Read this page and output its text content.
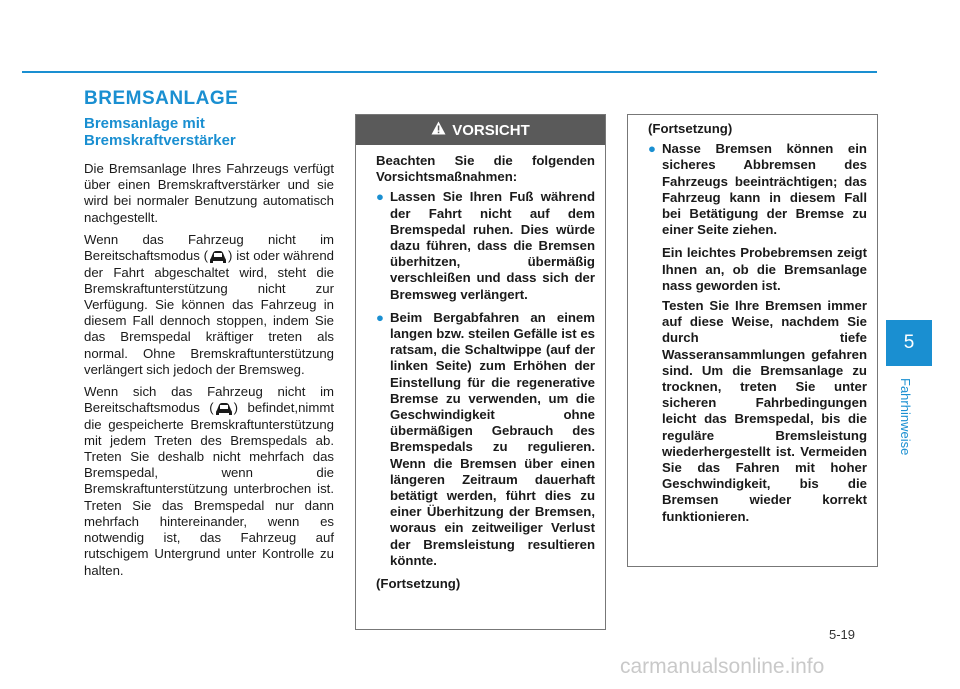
BREMSANLAGE
Bremsanlage mit
Bremskraftverstärker

Die Bremsanlage Ihres Fahrzeugs verfügt über einen Bremskraftverstärker und sie wird bei normaler Benutzung automatisch nachgestellt.

Wenn das Fahrzeug nicht im Bereitschaftsmodus ( ) ist oder während der Fahrt abgeschaltet wird, steht die Bremskraftunterstützung nicht zur Verfügung. Sie können das Fahrzeug in diesem Fall dennoch stoppen, indem Sie das Bremspedal kräftiger treten als normal. Ohne Bremskraftunterstützung verlängert sich jedoch der Bremsweg.

Wenn sich das Fahrzeug nicht im Bereitschaftsmodus ( ) befindet,nimmt die gespeicherte Bremskraftunterstützung mit jedem Treten des Bremspedals ab. Treten Sie deshalb nicht mehrfach das Bremspedal, wenn die Bremskraftunterstützung unterbrochen ist. Treten Sie das Bremspedal nur dann mehrfach hintereinander, wenn es notwendig ist, das Fahrzeug auf rutschigem Untergrund unter Kontrolle zu halten.

VORSICHT

Beachten Sie die folgenden Vorsichtsmaßnahmen:

● Lassen Sie Ihren Fuß während der Fahrt nicht auf dem Bremspedal ruhen. Dies würde dazu führen, dass die Bremsen überhitzen, übermäßig verschleißen und dass sich der Bremsweg verlängert.
● Beim Bergabfahren an einem langen bzw. steilen Gefälle ist es ratsam, die Schaltwippe (auf der linken Seite) zum Erhöhen der Einstellung für die regenerative Bremse zu verwenden, um die Geschwindigkeit ohne übermäßigen Gebrauch des Bremspedals zu regulieren. Wenn die Bremsen über einen längeren Zeitraum dauerhaft betätigt werden, führt dies zu einer Überhitzung der Bremsen, woraus ein zeitweiliger Verlust der Bremsleistung resultieren könnte.

(Fortsetzung)

(Fortsetzung)

● Nasse Bremsen können ein sicheres Abbremsen des Fahrzeugs beeinträchtigen; das Fahrzeug kann in diesem Fall bei Betätigung der Bremse zu einer Seite ziehen.

Ein leichtes Probebremsen zeigt Ihnen an, ob die Bremsanlage nass geworden ist.

Testen Sie Ihre Bremsen immer auf diese Weise, nachdem Sie durch tiefe Wasseransammlungen gefahren sind. Um die Bremsanlage zu trocknen, treten Sie unter sicheren Fahrbedingungen leicht das Bremspedal, bis die reguläre Bremsleistung wiederhergestellt ist. Vermeiden Sie das Fahren mit hoher Geschwindigkeit, bis die Bremsen wieder korrekt funktionieren.

5
Fahrhinweise
5-19
carmanualsonline.info
